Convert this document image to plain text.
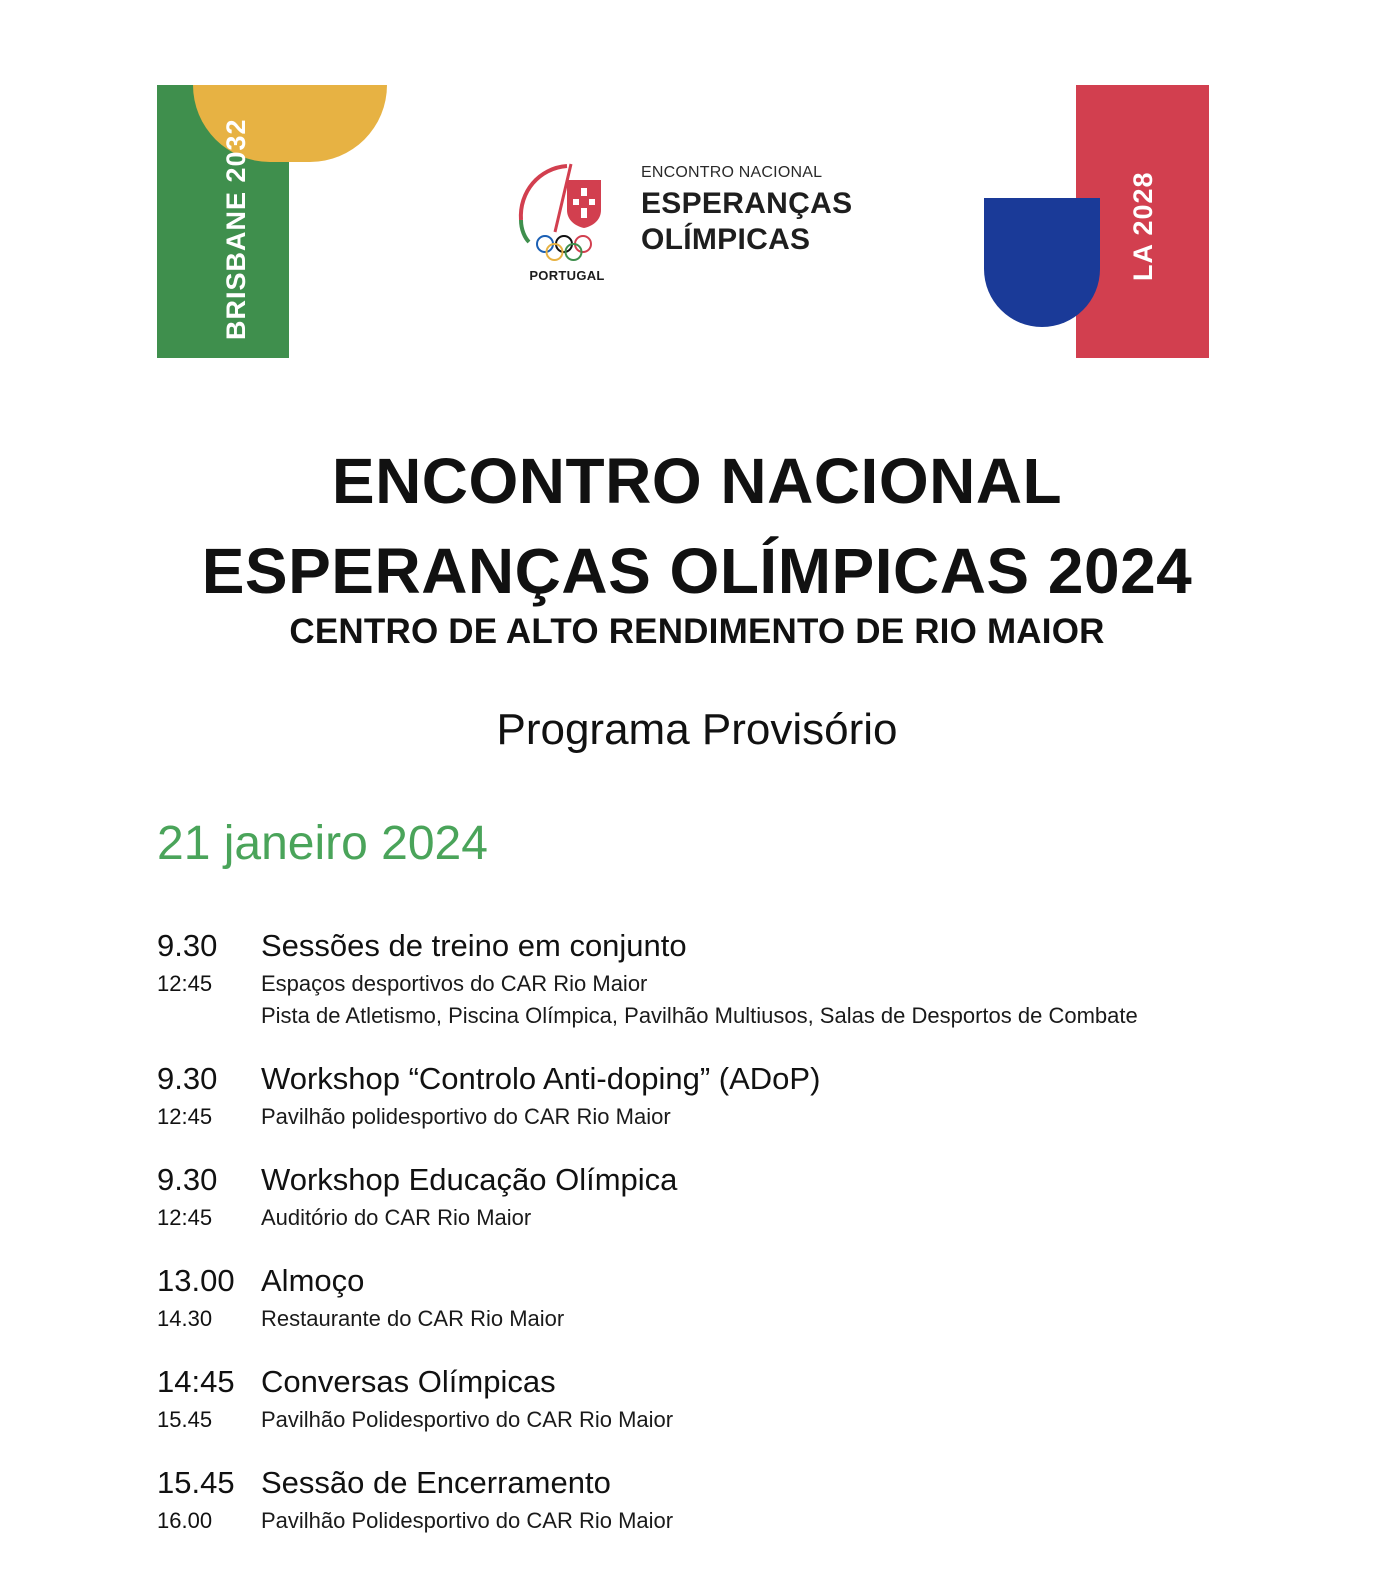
BRISBANE 2032	LA 2028
PORTUGAL
ENCONTRO NACIONAL
ESPERANÇAS
OLÍMPICAS
ENCONTRO NACIONAL
ESPERANÇAS OLÍMPICAS 2024
CENTRO DE ALTO RENDIMENTO DE RIO MAIOR
Programa Provisório
21 janeiro 2024
9.30	Sessões de treino em conjunto
12:45	Espaços desportivos do CAR Rio Maior
Pista de Atletismo, Piscina Olímpica, Pavilhão Multiusos, Salas de Desportos de Combate
9.30	Workshop “Controlo Anti-doping” (ADoP)
12:45	Pavilhão polidesportivo do CAR Rio Maior
9.30	Workshop Educação Olímpica
12:45	Auditório do CAR Rio Maior
13.00 Almoço
14.30	Restaurante do CAR Rio Maior
14:45 Conversas Olímpicas
15.45	Pavilhão Polidesportivo do CAR Rio Maior
15.45 Sessão de Encerramento
16.00	Pavilhão Polidesportivo do CAR Rio Maior
